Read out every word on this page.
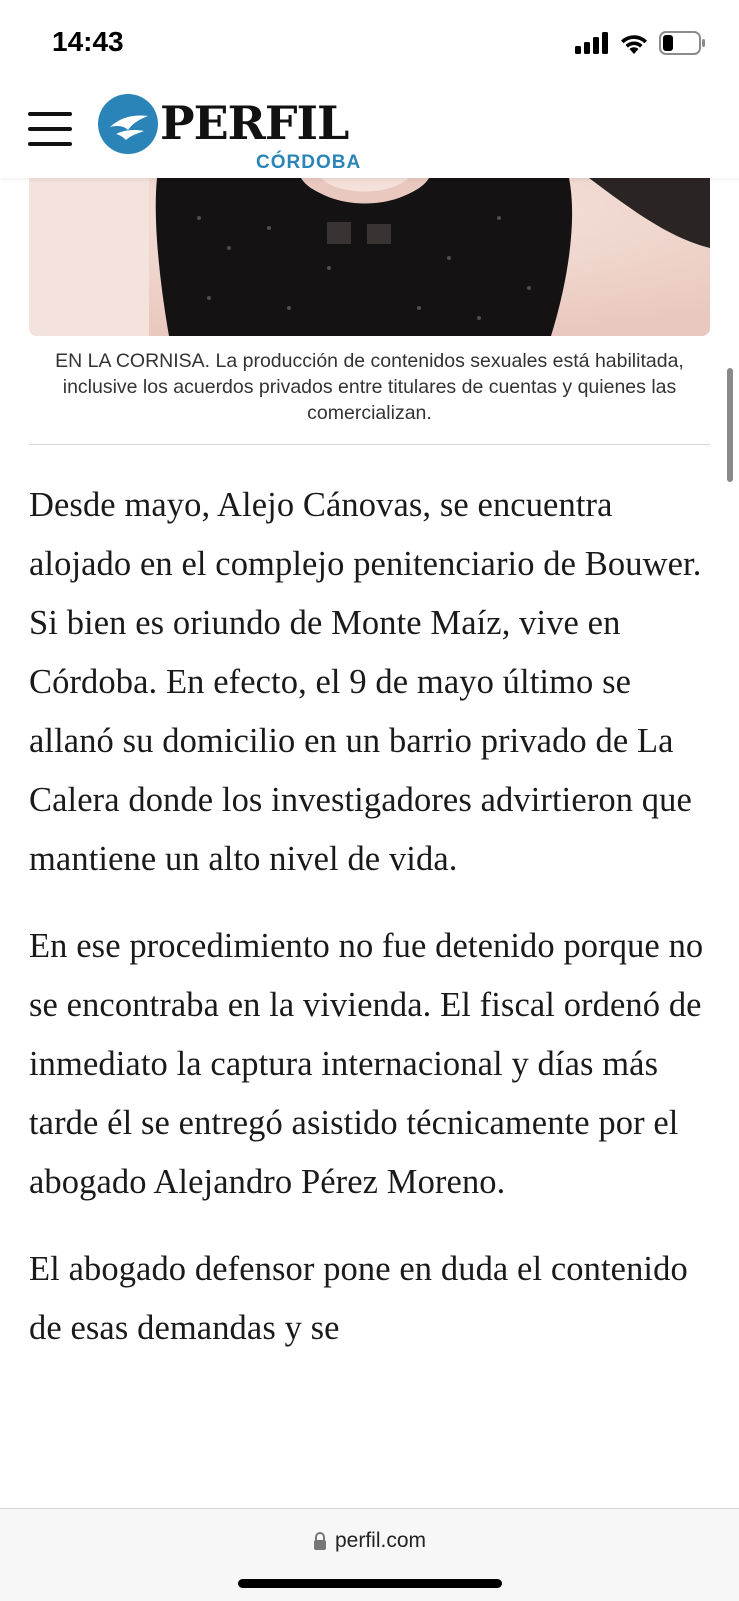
14:43
PERFIL
CÓRDOBA
EN LA CORNISA. La producción de contenidos sexuales está habilitada, inclusive los acuerdos privados entre titulares de cuentas y quienes las comercializan.

Desde mayo, Alejo Cánovas, se encuentra alojado en el complejo penitenciario de Bouwer. Si bien es oriundo de Monte Maíz, vive en Córdoba. En efecto, el 9 de mayo último se allanó su domicilio en un barrio privado de La Calera donde los investigadores advirtieron que mantiene un alto nivel de vida.

En ese procedimiento no fue detenido porque no se encontraba en la vivienda. El fiscal ordenó de inmediato la captura internacional y días más tarde él se entregó asistido técnicamente por el abogado Alejandro Pérez Moreno.

El abogado defensor pone en duda el contenido de esas demandas y se

perfil.com
